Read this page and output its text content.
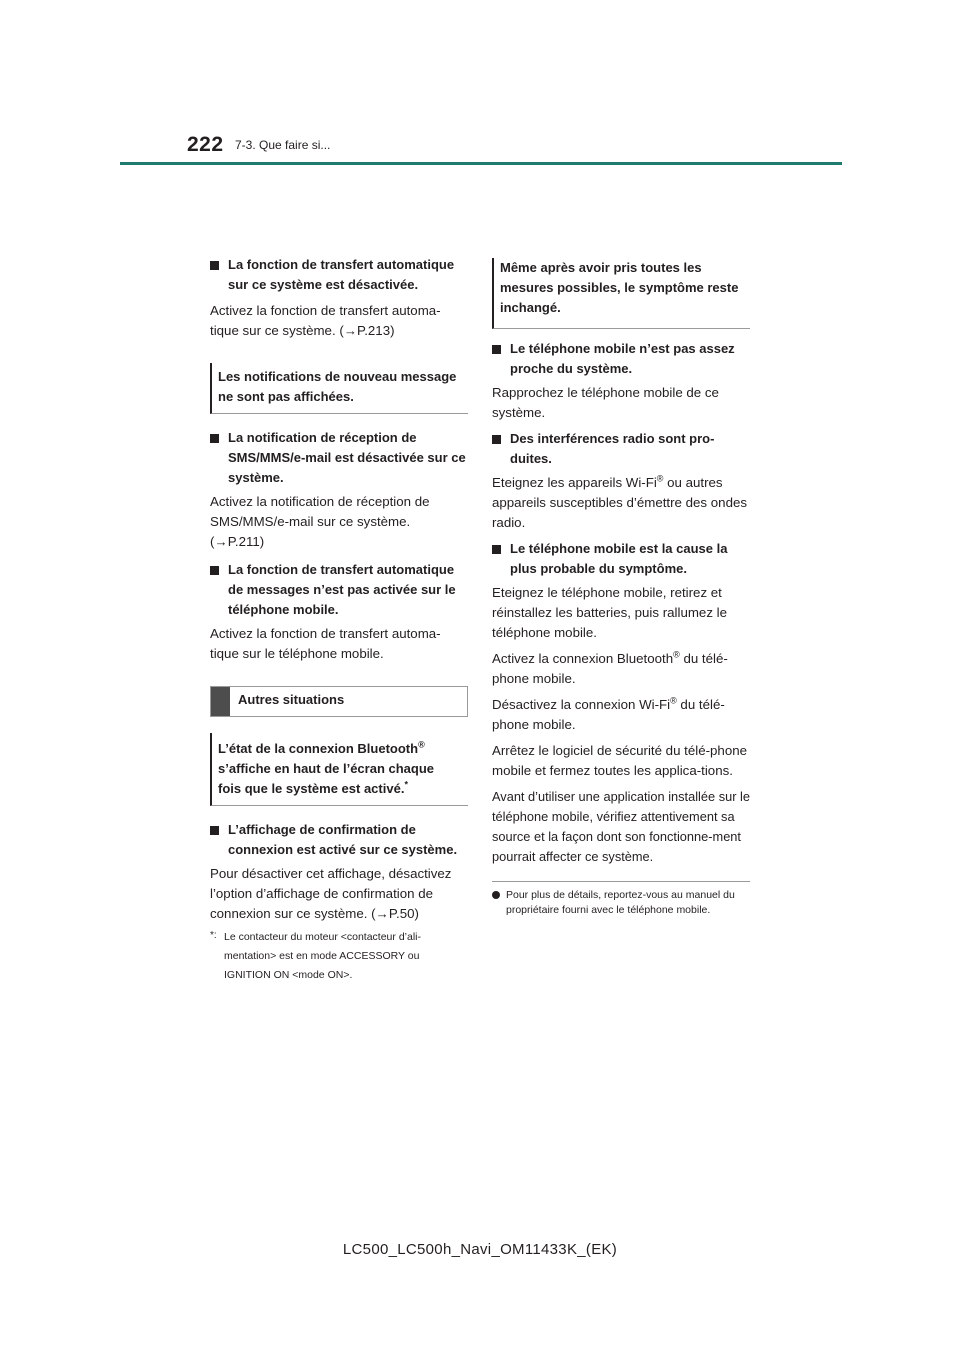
222 7-3. Que faire si...
La fonction de transfert automatique sur ce système est désactivée.

Activez la fonction de transfert automa-tique sur ce système. (→P.213)

Les notifications de nouveau message ne sont pas affichées.
La notification de réception de SMS/MMS/e-mail est désactivée sur ce système.

Activez la notification de réception de SMS/MMS/e-mail sur ce système. (→P.211)

La fonction de transfert automatique de messages n’est pas activée sur le téléphone mobile.

Activez la fonction de transfert automa-tique sur le téléphone mobile.

Autres situations
L’état de la connexion Bluetooth® s’affiche en haut de l’écran chaque fois que le système est activé.*
L’affichage de confirmation de connexion est activé sur ce système.

Pour désactiver cet affichage, désactivez l’option d’affichage de confirmation de connexion sur ce système. (→P.50)

*: Le contacteur du moteur <contacteur d’ali-mentation> est en mode ACCESSORY ou IGNITION ON <mode ON>.
Même après avoir pris toutes les mesures possibles, le symptôme reste inchangé.
Le téléphone mobile n’est pas assez proche du système.

Rapprochez le téléphone mobile de ce système.

Des interférences radio sont pro-duites.

Eteignez les appareils Wi-Fi® ou autres appareils susceptibles d’émettre des ondes radio.

Le téléphone mobile est la cause la plus probable du symptôme.

Eteignez le téléphone mobile, retirez et réinstallez les batteries, puis rallumez le téléphone mobile.

Activez la connexion Bluetooth® du télé-phone mobile.

Désactivez la connexion Wi-Fi® du télé-phone mobile.

Arrêtez le logiciel de sécurité du télé-phone mobile et fermez toutes les applica-tions.

Avant d’utiliser une application installée sur le téléphone mobile, vérifiez attentivement sa source et la façon dont son fonctionne-ment pourrait affecter ce système.

Pour plus de détails, reportez-vous au manuel du propriétaire fourni avec le téléphone mobile.
LC500_LC500h_Navi_OM11433K_(EK)
